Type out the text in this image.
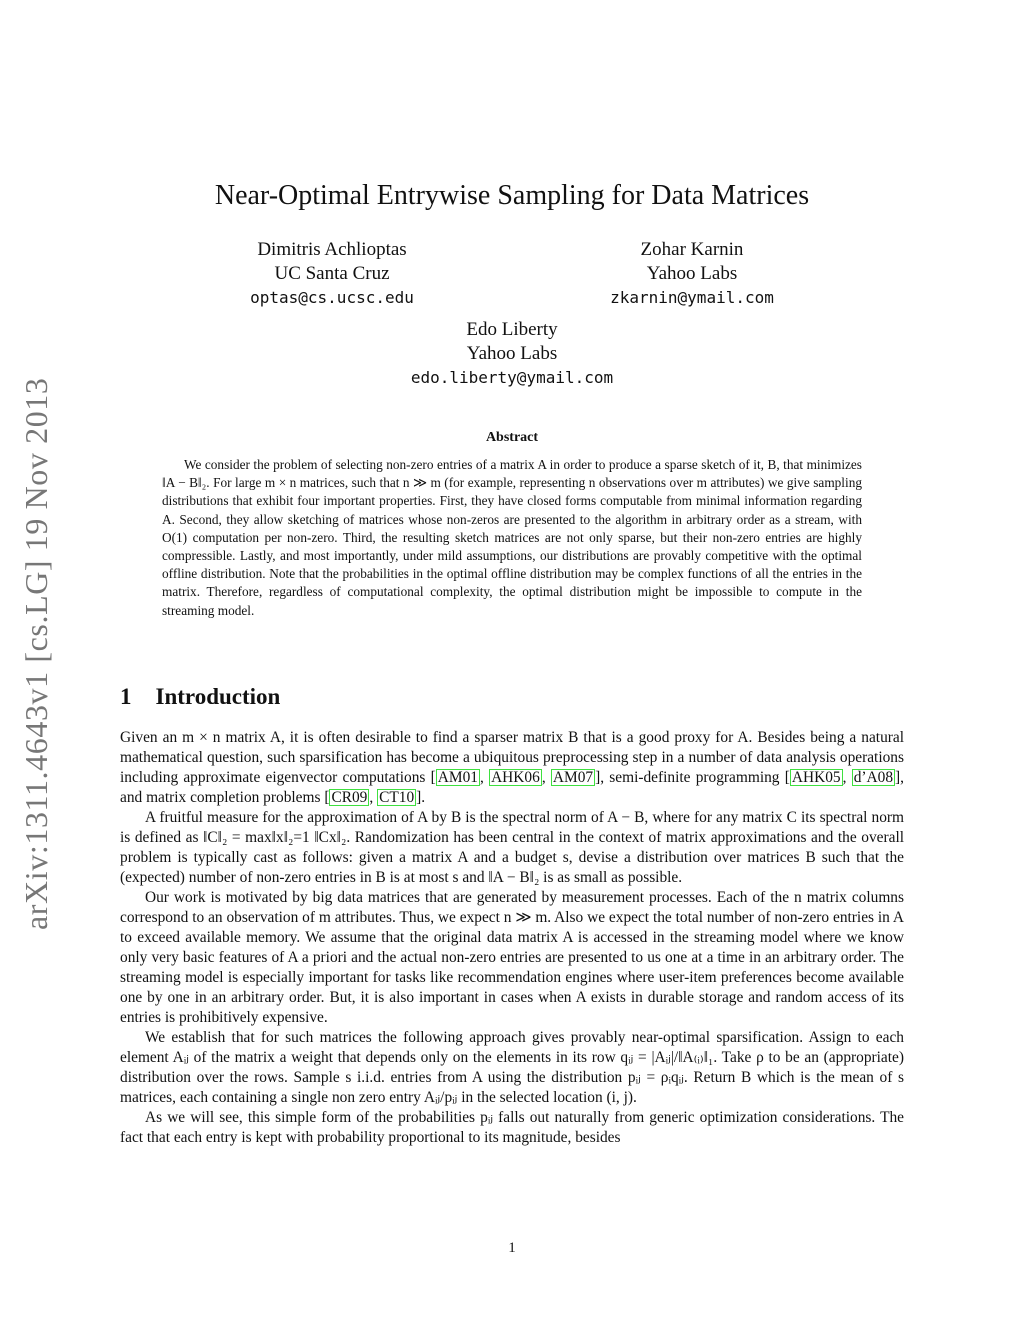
arXiv:1311.4643v1 [cs.LG] 19 Nov 2013
Near-Optimal Entrywise Sampling for Data Matrices
Dimitris Achlioptas
UC Santa Cruz
optas@cs.ucsc.edu
Zohar Karnin
Yahoo Labs
zkarnin@ymail.com
Edo Liberty
Yahoo Labs
edo.liberty@ymail.com
Abstract
We consider the problem of selecting non-zero entries of a matrix A in order to produce a sparse sketch of it, B, that minimizes ‖A − B‖₂. For large m × n matrices, such that n ≫ m (for example, representing n observations over m attributes) we give sampling distributions that exhibit four important properties. First, they have closed forms computable from minimal information regarding A. Second, they allow sketching of matrices whose non-zeros are presented to the algorithm in arbitrary order as a stream, with O(1) computation per non-zero. Third, the resulting sketch matrices are not only sparse, but their non-zero entries are highly compressible. Lastly, and most importantly, under mild assumptions, our distributions are provably competitive with the optimal offline distribution. Note that the probabilities in the optimal offline distribution may be complex functions of all the entries in the matrix. Therefore, regardless of computational complexity, the optimal distribution might be impossible to compute in the streaming model.
1 Introduction

Given an m × n matrix A, it is often desirable to find a sparser matrix B that is a good proxy for A. Besides being a natural mathematical question, such sparsification has become a ubiquitous preprocessing step in a number of data analysis operations including approximate eigenvector computations [ AM01 , AHK06 , AM07 ], semi-definite programming [ AHK05 , d’A08 ], and matrix completion problems [ CR09 , CT10 ].

A fruitful measure for the approximation of A by B is the spectral norm of A − B, where for any matrix C its spectral norm is defined as ‖C‖₂ = max‖x‖₂=1 ‖Cx‖₂. Randomization has been central in the context of matrix approximations and the overall problem is typically cast as follows: given a matrix A and a budget s, devise a distribution over matrices B such that the (expected) number of non-zero entries in B is at most s and ‖A − B‖₂ is as small as possible.

Our work is motivated by big data matrices that are generated by measurement processes. Each of the n matrix columns correspond to an observation of m attributes. Thus, we expect n ≫ m. Also we expect the total number of non-zero entries in A to exceed available memory. We assume that the original data matrix A is accessed in the streaming model where we know only very basic features of A a priori and the actual non-zero entries are presented to us one at a time in an arbitrary order. The streaming model is especially important for tasks like recommendation engines where user-item preferences become available one by one in an arbitrary order. But, it is also important in cases when A exists in durable storage and random access of its entries is prohibitively expensive.

We establish that for such matrices the following approach gives provably near-optimal sparsification. Assign to each element Aᵢⱼ of the matrix a weight that depends only on the elements in its row qᵢⱼ = |Aᵢⱼ|/‖A₍ᵢ₎‖₁. Take ρ to be an (appropriate) distribution over the rows. Sample s i.i.d. entries from A using the distribution pᵢⱼ = ρᵢqᵢⱼ. Return B which is the mean of s matrices, each containing a single non zero entry Aᵢⱼ/pᵢⱼ in the selected location (i, j).

As we will see, this simple form of the probabilities pᵢⱼ falls out naturally from generic optimization considerations. The fact that each entry is kept with probability proportional to its magnitude, besides

1
